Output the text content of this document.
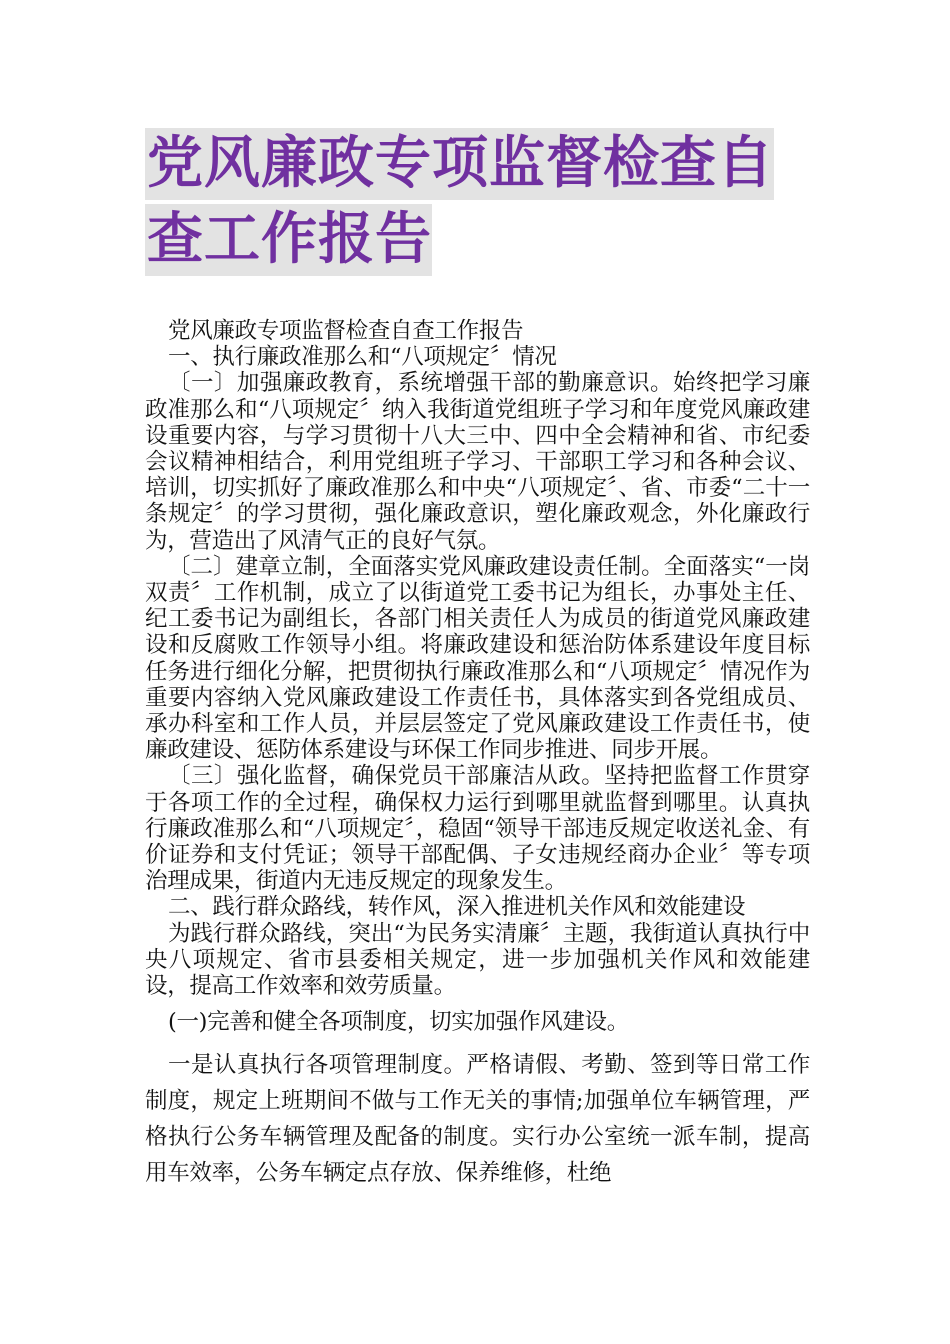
党风廉政专项监督检查自
查工作报告

党风廉政专项监督检查自查工作报告

一、执行廉政准那么和“八项规定〞情况

〔一〕加强廉政教育，系统增强干部的勤廉意识。始终把学习廉政准那么和“八项规定〞纳入我街道党组班子学习和年度党风廉政建设重要内容，与学习贯彻十八大三中、四中全会精神和省、市纪委会议精神相结合，利用党组班子学习、干部职工学习和各种会议、培训，切实抓好了廉政准那么和中央“八项规定〞、省、市委“二十一条规定〞的学习贯彻，强化廉政意识，塑化廉政观念，外化廉政行为，营造出了风清气正的良好气氛。

〔二〕建章立制，全面落实党风廉政建设责任制。全面落实“一岗双责〞工作机制，成立了以街道党工委书记为组长，办事处主任、纪工委书记为副组长，各部门相关责任人为成员的街道党风廉政建设和反腐败工作领导小组。将廉政建设和惩治防体系建设年度目标任务进行细化分解，把贯彻执行廉政准那么和“八项规定〞情况作为重要内容纳入党风廉政建设工作责任书，具体落实到各党组成员、承办科室和工作人员，并层层签定了党风廉政建设工作责任书，使廉政建设、惩防体系建设与环保工作同步推进、同步开展。

〔三〕强化监督，确保党员干部廉洁从政。坚持把监督工作贯穿于各项工作的全过程，确保权力运行到哪里就监督到哪里。认真执行廉政准那么和“八项规定〞，稳固“领导干部违反规定收送礼金、有价证券和支付凭证；领导干部配偶、子女违规经商办企业〞等专项治理成果，街道内无违反规定的现象发生。

二、践行群众路线，转作风，深入推进机关作风和效能建设

为践行群众路线，突出“为民务实清廉〞主题，我街道认真执行中央八项规定、省市县委相关规定，进一步加强机关作风和效能建设，提高工作效率和效劳质量。

(一)完善和健全各项制度，切实加强作风建设。

一是认真执行各项管理制度。严格请假、考勤、签到等日常工作制度，规定上班期间不做与工作无关的事情;加强单位车辆管理，严格执行公务车辆管理及配备的制度。实行办公室统一派车制，提高用车效率，公务车辆定点存放、保养维修，杜绝
